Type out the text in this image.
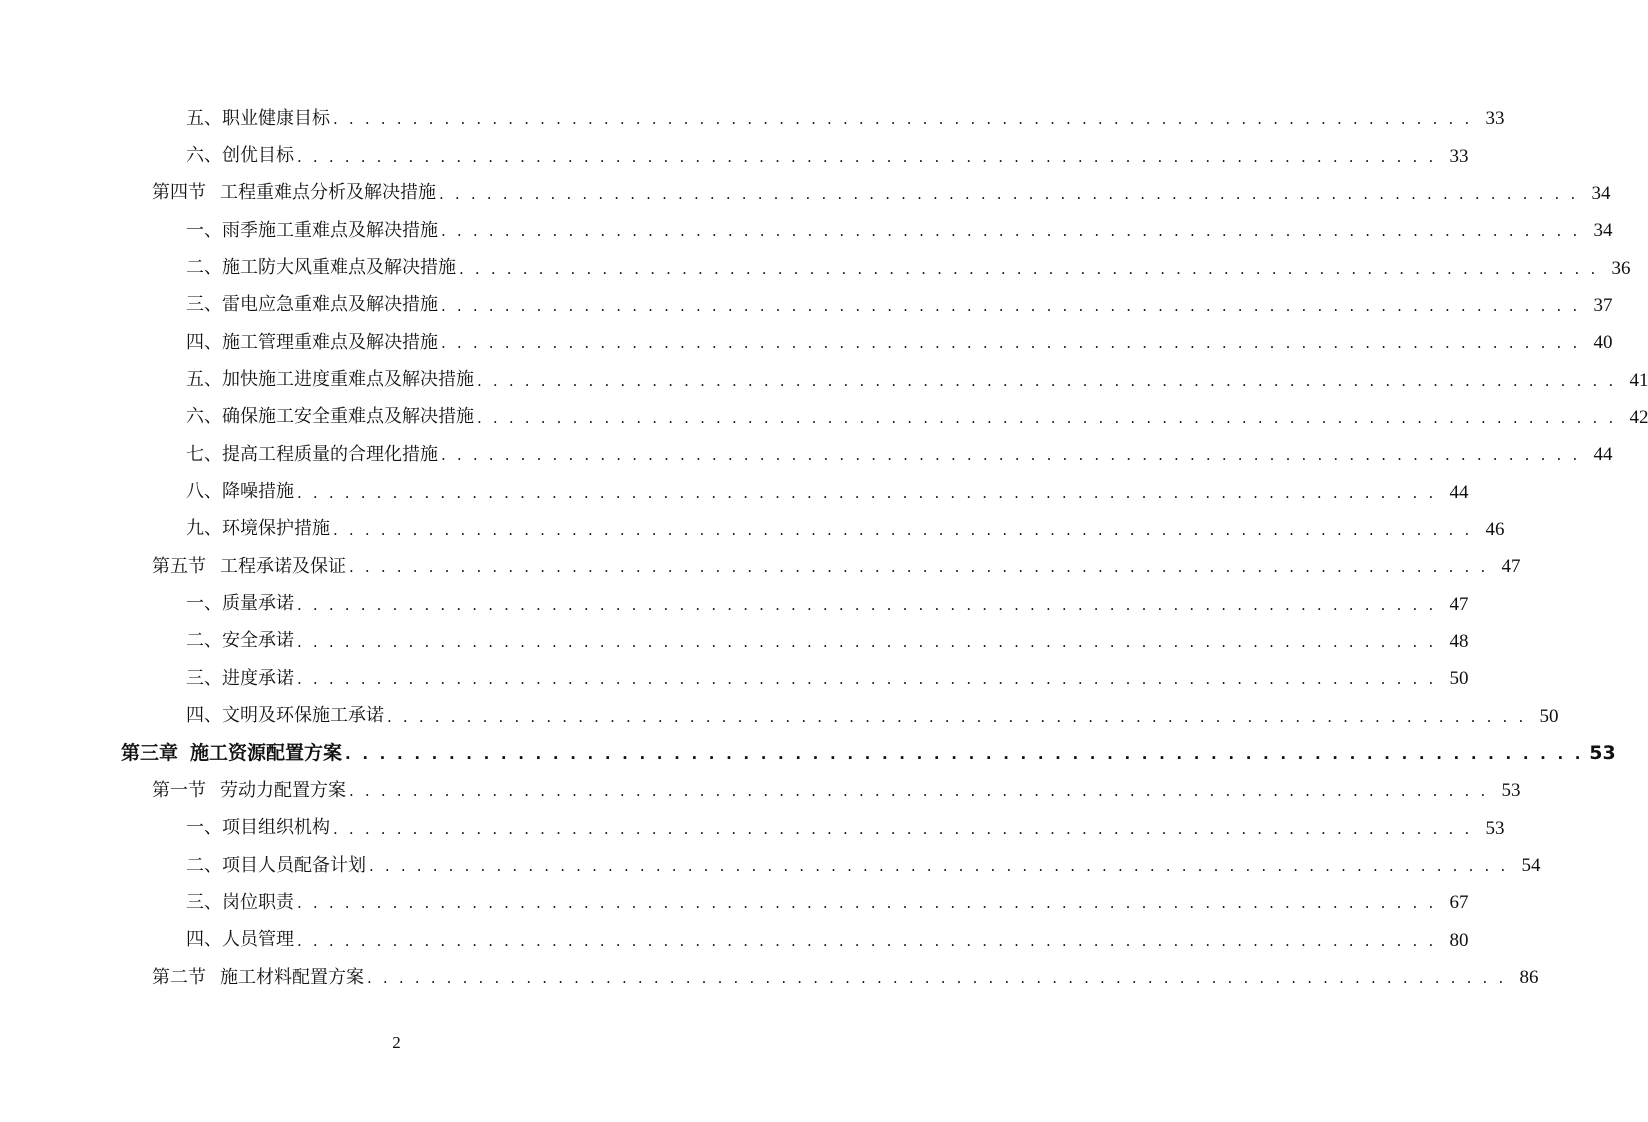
五、职业健康目标 . . . . . . . . . . . . . . . . . . . . . . . . . . . . . . . . . . . . . . . . . . . . . . . . . . . . . . . . . . . . . . . . . . . . . . . . 33
六、创优目标 . . . . . . . . . . . . . . . . . . . . . . . . . . . . . . . . . . . . . . . . . . . . . . . . . . . . . . . . . . . . . . . . . . . . . . . . 33
第四节 工程重难点分析及解决措施 . . . . . . . . . . . . . . . . . . . . . . . . . . . . . . . . . . . . . . . . . . . . . . . . . . . . . . . . . . . . . . . . . . . . . . . . 34
一、雨季施工重难点及解决措施 . . . . . . . . . . . . . . . . . . . . . . . . . . . . . . . . . . . . . . . . . . . . . . . . . . . . . . . . . . . . . . . . . . . . . . . . 34
二、施工防大风重难点及解决措施 . . . . . . . . . . . . . . . . . . . . . . . . . . . . . . . . . . . . . . . . . . . . . . . . . . . . . . . . . . . . . . . . . . . . . . . . 36
三、雷电应急重难点及解决措施 . . . . . . . . . . . . . . . . . . . . . . . . . . . . . . . . . . . . . . . . . . . . . . . . . . . . . . . . . . . . . . . . . . . . . . . . 37
四、施工管理重难点及解决措施 . . . . . . . . . . . . . . . . . . . . . . . . . . . . . . . . . . . . . . . . . . . . . . . . . . . . . . . . . . . . . . . . . . . . . . . . 40
五、加快施工进度重难点及解决措施 . . . . . . . . . . . . . . . . . . . . . . . . . . . . . . . . . . . . . . . . . . . . . . . . . . . . . . . . . . . . . . . . . . . . . . . . 41
六、确保施工安全重难点及解决措施 . . . . . . . . . . . . . . . . . . . . . . . . . . . . . . . . . . . . . . . . . . . . . . . . . . . . . . . . . . . . . . . . . . . . . . . . 42
七、提高工程质量的合理化措施 . . . . . . . . . . . . . . . . . . . . . . . . . . . . . . . . . . . . . . . . . . . . . . . . . . . . . . . . . . . . . . . . . . . . . . . . 44
八、降噪措施 . . . . . . . . . . . . . . . . . . . . . . . . . . . . . . . . . . . . . . . . . . . . . . . . . . . . . . . . . . . . . . . . . . . . . . . . 44
九、环境保护措施 . . . . . . . . . . . . . . . . . . . . . . . . . . . . . . . . . . . . . . . . . . . . . . . . . . . . . . . . . . . . . . . . . . . . . . . . 46
第五节 工程承诺及保证 . . . . . . . . . . . . . . . . . . . . . . . . . . . . . . . . . . . . . . . . . . . . . . . . . . . . . . . . . . . . . . . . . . . . . . . . 47
一、质量承诺 . . . . . . . . . . . . . . . . . . . . . . . . . . . . . . . . . . . . . . . . . . . . . . . . . . . . . . . . . . . . . . . . . . . . . . . . 47
二、安全承诺 . . . . . . . . . . . . . . . . . . . . . . . . . . . . . . . . . . . . . . . . . . . . . . . . . . . . . . . . . . . . . . . . . . . . . . . . 48
三、进度承诺 . . . . . . . . . . . . . . . . . . . . . . . . . . . . . . . . . . . . . . . . . . . . . . . . . . . . . . . . . . . . . . . . . . . . . . . . 50
四、文明及环保施工承诺 . . . . . . . . . . . . . . . . . . . . . . . . . . . . . . . . . . . . . . . . . . . . . . . . . . . . . . . . . . . . . . . . . . . . . . . . 50
第三章 施工资源配置方案 . . . . . . . . . . . . . . . . . . . . . . . . . . . . . . . . . . . . . . . . . . . . . . . . . . . . . . . . . . . . . . . . . . . . . . . . 53
第一节 劳动力配置方案 . . . . . . . . . . . . . . . . . . . . . . . . . . . . . . . . . . . . . . . . . . . . . . . . . . . . . . . . . . . . . . . . . . . . . . . . 53
一、项目组织机构 . . . . . . . . . . . . . . . . . . . . . . . . . . . . . . . . . . . . . . . . . . . . . . . . . . . . . . . . . . . . . . . . . . . . . . . . 53
二、项目人员配备计划 . . . . . . . . . . . . . . . . . . . . . . . . . . . . . . . . . . . . . . . . . . . . . . . . . . . . . . . . . . . . . . . . . . . . . . . . 54
三、岗位职责 . . . . . . . . . . . . . . . . . . . . . . . . . . . . . . . . . . . . . . . . . . . . . . . . . . . . . . . . . . . . . . . . . . . . . . . . 67
四、人员管理 . . . . . . . . . . . . . . . . . . . . . . . . . . . . . . . . . . . . . . . . . . . . . . . . . . . . . . . . . . . . . . . . . . . . . . . . 80
第二节 施工材料配置方案 . . . . . . . . . . . . . . . . . . . . . . . . . . . . . . . . . . . . . . . . . . . . . . . . . . . . . . . . . . . . . . . . . . . . . . . . 86
2
